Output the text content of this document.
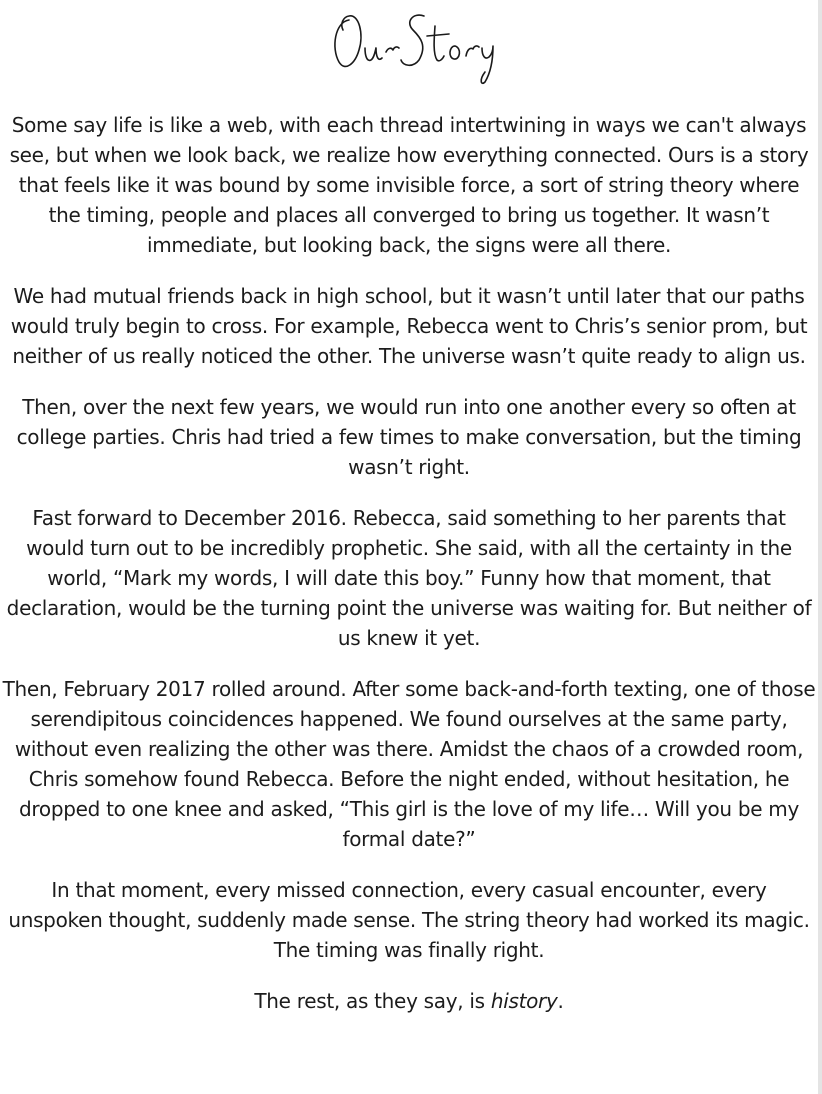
Some say life is like a web, with each thread intertwining in ways we can't always see, but when we look back, we realize how everything connected. Ours is a story that feels like it was bound by some invisible force, a sort of string theory where the timing, people and places all converged to bring us together. It wasn’t immediate, but looking back, the signs were all there.

We had mutual friends back in high school, but it wasn’t until later that our paths would truly begin to cross. For example, Rebecca went to Chris’s senior prom, but neither of us really noticed the other. The universe wasn’t quite ready to align us.

Then, over the next few years, we would run into one another every so often at college parties. Chris had tried a few times to make conversation, but the timing wasn’t right.

Fast forward to December 2016. Rebecca, said something to her parents that would turn out to be incredibly prophetic. She said, with all the certainty in the world, “Mark my words, I will date this boy.” Funny how that moment, that declaration, would be the turning point the universe was waiting for. But neither of us knew it yet.

Then, February 2017 rolled around. After some back-and-forth texting, one of those serendipitous coincidences happened. We found ourselves at the same party, without even realizing the other was there. Amidst the chaos of a crowded room, Chris somehow found Rebecca. Before the night ended, without hesitation, he dropped to one knee and asked, “This girl is the love of my life… Will you be my formal date?”

In that moment, every missed connection, every casual encounter, every unspoken thought, suddenly made sense. The string theory had worked its magic. The timing was finally right.

The rest, as they say, is history.
